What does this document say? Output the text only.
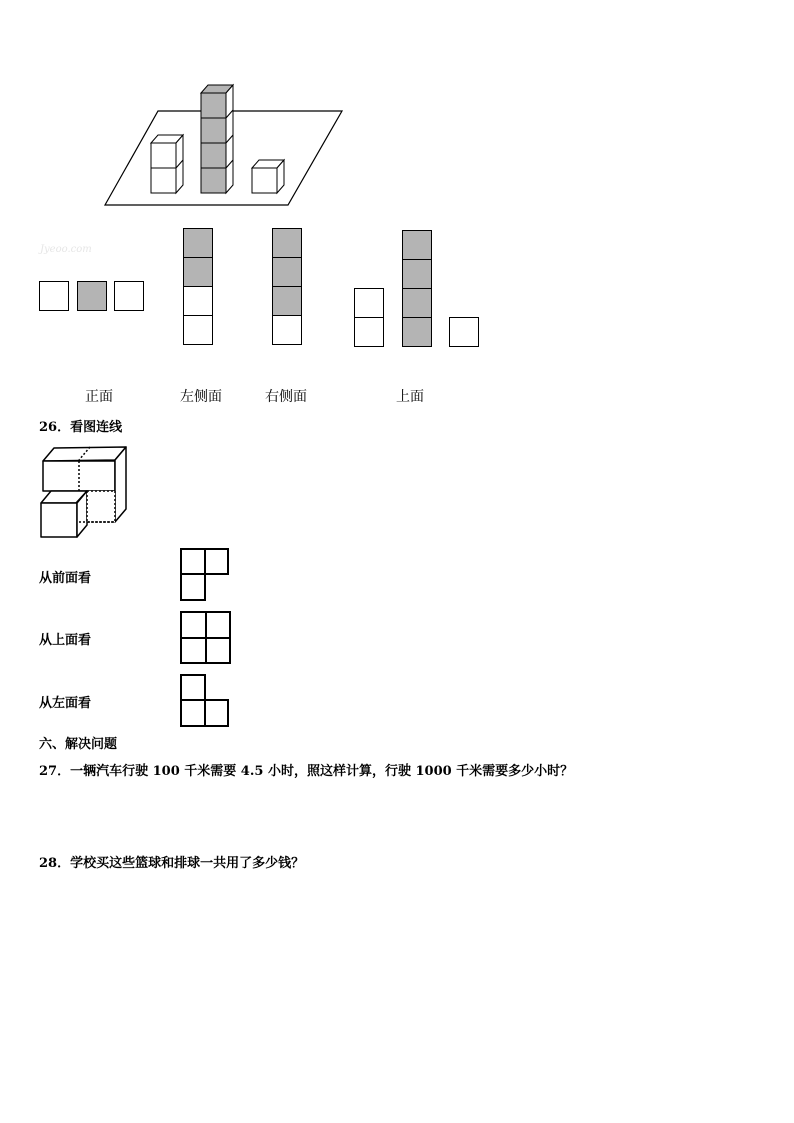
Jyeoo.com
正面	左侧面	右侧面	上面
26．看图连线
从前面看
从上面看
从左面看
六、解决问题
27．一辆汽车行驶 100 千米需要 4.5 小时，照这样计算，行驶 1000 千米需要多少小时？
28．学校买这些篮球和排球一共用了多少钱？
